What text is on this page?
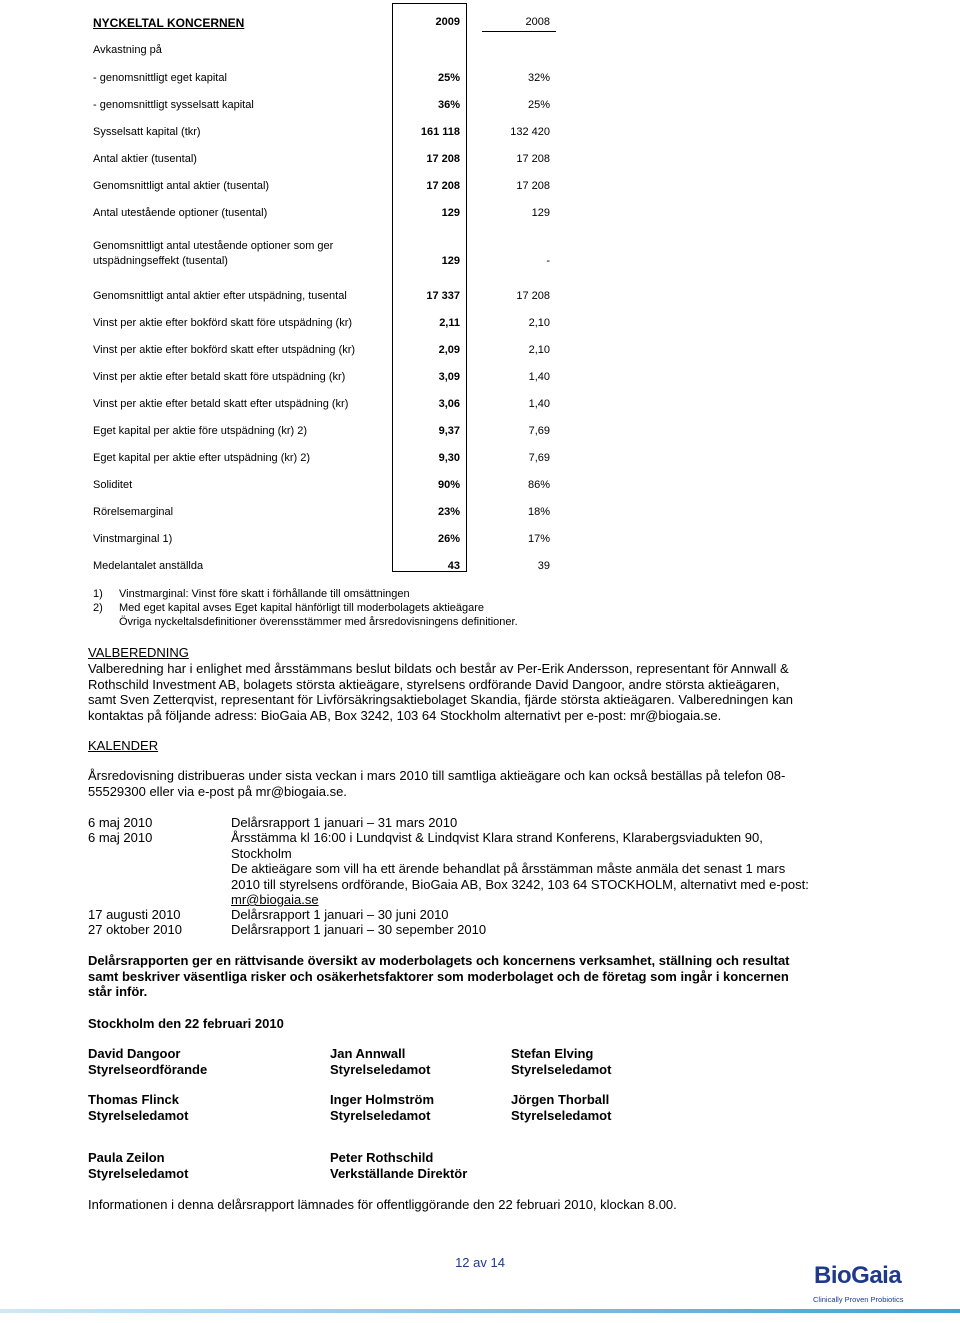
NYCKELTAL KONCERNEN	2009	2008
Avkastning på
- genomsnittligt eget kapital	25%	32%
- genomsnittligt sysselsatt kapital	36%	25%
Sysselsatt kapital (tkr)	161 118	132 420
Antal aktier (tusental)	17 208	17 208
Genomsnittligt antal aktier (tusental)	17 208	17 208
Antal utestående optioner (tusental)	129	129
Genomsnittligt antal utestående optioner som ger
utspädningseffekt (tusental)	129	-
Genomsnittligt antal aktier efter utspädning, tusental	17 337	17 208
Vinst per aktie efter bokförd skatt före utspädning (kr)	2,11	2,10
Vinst per aktie efter bokförd skatt efter utspädning (kr)	2,09	2,10
Vinst per aktie efter betald skatt före utspädning (kr)	3,09	1,40
Vinst per aktie efter betald skatt efter utspädning (kr)	3,06	1,40
Eget kapital per aktie före utspädning (kr) 2)	9,37	7,69
Eget kapital per aktie efter utspädning (kr) 2)	9,30	7,69
Soliditet	90%	86%
Rörelsemarginal	23%	18%
Vinstmarginal 1)	26%	17%
Medelantalet anställda	43	39
1) Vinstmarginal: Vinst före skatt i förhållande till omsättningen
2) Med eget kapital avses Eget kapital hänförligt till moderbolagets aktieägare
Övriga nyckeltalsdefinitioner överensstämmer med årsredovisningens definitioner.
VALBEREDNING
Valberedning har i enlighet med årsstämmans beslut bildats och består av Per-Erik Andersson, representant för Annwall &
Rothschild Investment AB, bolagets största aktieägare, styrelsens ordförande David Dangoor, andre största aktieägaren,
samt Sven Zetterqvist, representant för Livförsäkringsaktiebolaget Skandia, fjärde största aktieägaren. Valberedningen kan
kontaktas på följande adress: BioGaia AB, Box 3242, 103 64 Stockholm alternativt per e-post: mr@biogaia.se.
KALENDER
Årsredovisning distribueras under sista veckan i mars 2010 till samtliga aktieägare och kan också beställas på telefon 08-
55529300 eller via e-post på mr@biogaia.se.
6 maj 2010	Delårsrapport 1 januari – 31 mars 2010
6 maj 2010	Årsstämma kl 16:00 i Lundqvist & Lindqvist Klara strand Konferens, Klarabergsviadukten 90,
Stockholm
De aktieägare som vill ha ett ärende behandlat på årsstämman måste anmäla det senast 1 mars
2010 till styrelsens ordförande, BioGaia AB, Box 3242, 103 64 STOCKHOLM, alternativt med e-post:
mr@biogaia.se
17 augusti 2010	Delårsrapport 1 januari – 30 juni 2010
27 oktober 2010	Delårsrapport 1 januari – 30 sepember 2010
Delårsrapporten ger en rättvisande översikt av moderbolagets och koncernens verksamhet, ställning och resultat
samt beskriver väsentliga risker och osäkerhetsfaktorer som moderbolaget och de företag som ingår i koncernen
står inför.
Stockholm den 22 februari 2010
David Dangoor
Styrelseordförande
Jan Annwall
Styrelseledamot
Stefan Elving
Styrelseledamot
Thomas Flinck
Styrelseledamot
Inger Holmström
Styrelseledamot
Jörgen Thorball
Styrelseledamot
Paula Zeilon
Styrelseledamot
Peter Rothschild
Verkställande Direktör
Informationen i denna delårsrapport lämnades för offentliggörande den 22 februari 2010, klockan 8.00.
12 av 14	BioGaia
Clinically Proven Probiotics
